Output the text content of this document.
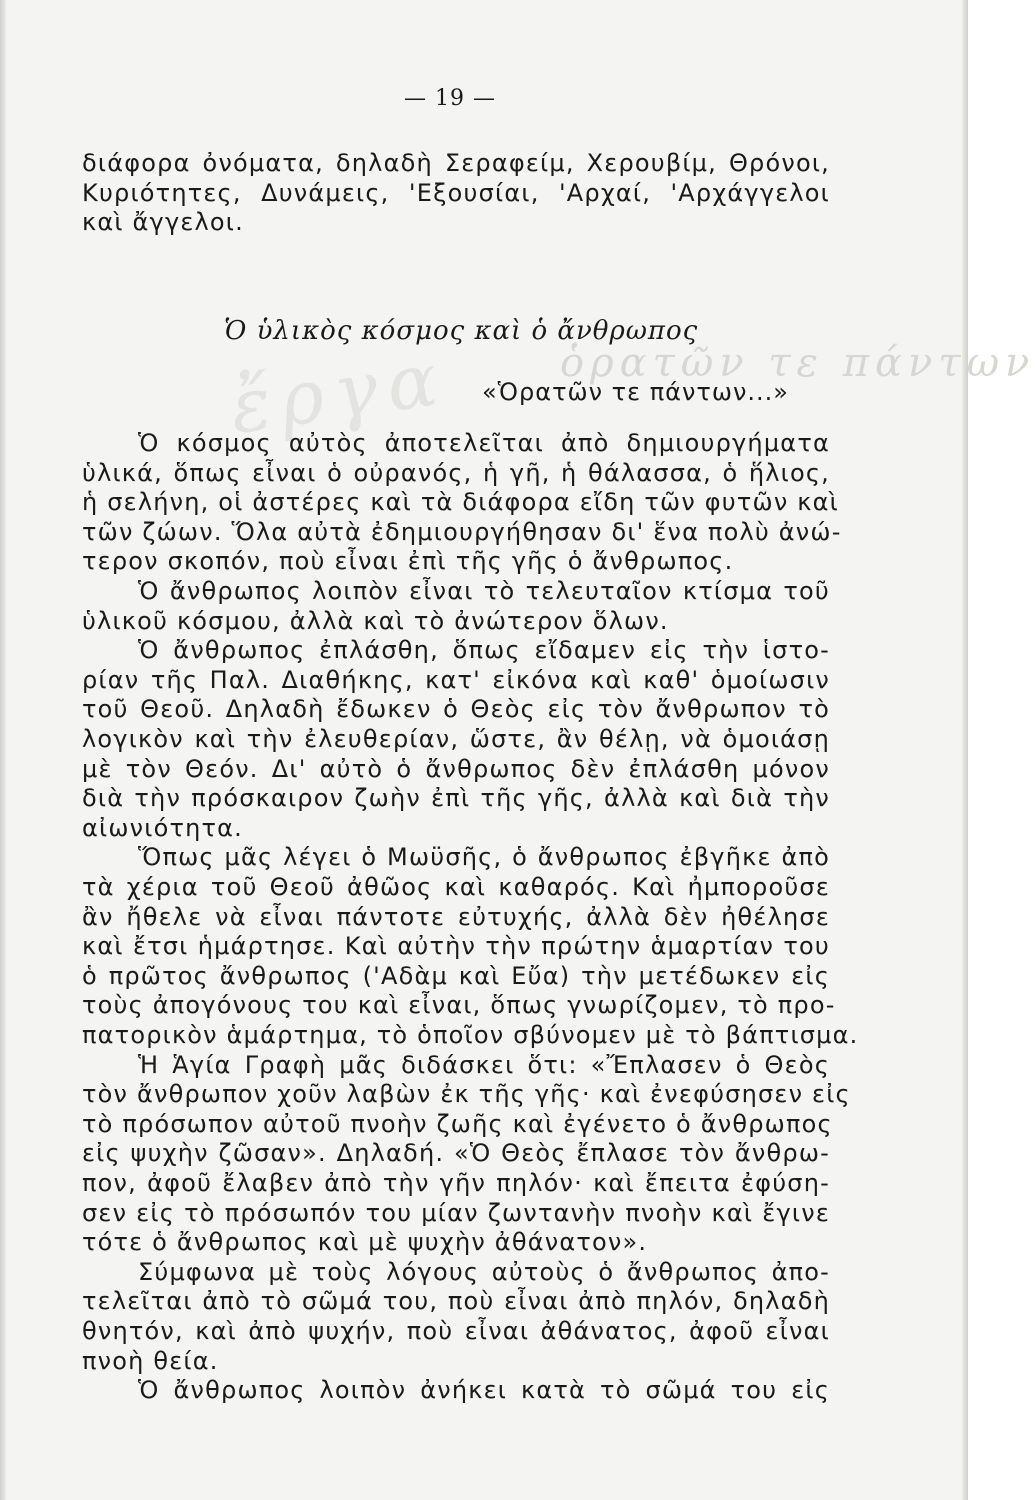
— 19 —
διάφορα ὀνόματα, δηλαδὴ Σεραφείμ, Χερουβίμ, Θρόνοι,
Κυριότητες, Δυνάμεις, 'Εξουσίαι, 'Αρχαί, 'Αρχάγγελοι
καὶ ἄγγελοι.
ἔργα	ὁρατῶν τε πάντων
Ὁ ὑλικὸς κόσμος καὶ ὁ ἄνθρωπος
«Ὁρατῶν τε πάντων...»
Ὁ κόσμος αὐτὸς ἀποτελεῖται ἀπὸ δημιουργήματα
ὑλικά, ὅπως εἶναι ὁ οὐρανός, ἡ γῆ, ἡ θάλασσα, ὁ ἥλιος,
ἡ σελήνη, οἱ ἀστέρες καὶ τὰ διάφορα εἴδη τῶν φυτῶν καὶ
τῶν ζώων. Ὅλα αὐτὰ ἐδημιουργήθησαν δι' ἕνα πολὺ ἀνώ-
τερον σκοπόν, ποὺ εἶναι ἐπὶ τῆς γῆς ὁ ἄνθρωπος.
Ὁ ἄνθρωπος λοιπὸν εἶναι τὸ τελευταῖον κτίσμα τοῦ
ὑλικοῦ κόσμου, ἀλλὰ καὶ τὸ ἀνώτερον ὅλων.
Ὁ ἄνθρωπος ἐπλάσθη, ὅπως εἴδαμεν εἰς τὴν ἱστο-
ρίαν τῆς Παλ. Διαθήκης, κατ' εἰκόνα καὶ καθ' ὁμοίωσιν
τοῦ Θεοῦ. Δηλαδὴ ἔδωκεν ὁ Θεὸς εἰς τὸν ἄνθρωπον τὸ
λογικὸν καὶ τὴν ἐλευθερίαν, ὥστε, ἂν θέλῃ, νὰ ὁμοιάσῃ
μὲ τὸν Θεόν. Δι' αὐτὸ ὁ ἄνθρωπος δὲν ἐπλάσθη μόνον
διὰ τὴν πρόσκαιρον ζωὴν ἐπὶ τῆς γῆς, ἀλλὰ καὶ διὰ τὴν
αἰωνιότητα.
Ὅπως μᾶς λέγει ὁ Μωϋσῆς, ὁ ἄνθρωπος ἐβγῆκε ἀπὸ
τὰ χέρια τοῦ Θεοῦ ἀθῶος καὶ καθαρός. Καὶ ἠμποροῦσε
ἂν ἤθελε νὰ εἶναι πάντοτε εὐτυχής, ἀλλὰ δὲν ἠθέλησε
καὶ ἔτσι ἡμάρτησε. Καὶ αὐτὴν τὴν πρώτην ἁμαρτίαν του
ὁ πρῶτος ἄνθρωπος ('Αδὰμ καὶ Εὔα) τὴν μετέδωκεν εἰς
τοὺς ἀπογόνους του καὶ εἶναι, ὅπως γνωρίζομεν, τὸ προ-
πατορικὸν ἁμάρτημα, τὸ ὁποῖον σβύνομεν μὲ τὸ βάπτισμα.
Ἡ Ἁγία Γραφὴ μᾶς διδάσκει ὅτι: «Ἔπλασεν ὁ Θεὸς
τὸν ἄνθρωπον χοῦν λαβὼν ἐκ τῆς γῆς· καὶ ἐνεφύσησεν εἰς
τὸ πρόσωπον αὐτοῦ πνοὴν ζωῆς καὶ ἐγένετο ὁ ἄνθρωπος
εἰς ψυχὴν ζῶσαν». Δηλαδή. «Ὁ Θεὸς ἔπλασε τὸν ἄνθρω-
πον, ἀφοῦ ἔλαβεν ἀπὸ τὴν γῆν πηλόν· καὶ ἔπειτα ἐφύση-
σεν εἰς τὸ πρόσωπόν του μίαν ζωντανὴν πνοὴν καὶ ἔγινε
τότε ὁ ἄνθρωπος καὶ μὲ ψυχὴν ἀθάνατον».
Σύμφωνα μὲ τοὺς λόγους αὐτοὺς ὁ ἄνθρωπος ἀπο-
τελεῖται ἀπὸ τὸ σῶμά του, ποὺ εἶναι ἀπὸ πηλόν, δηλαδὴ
θνητόν, καὶ ἀπὸ ψυχήν, ποὺ εἶναι ἀθάνατος, ἀφοῦ εἶναι
πνοὴ θεία.
Ὁ ἄνθρωπος λοιπὸν ἀνήκει κατὰ τὸ σῶμά του εἰς
